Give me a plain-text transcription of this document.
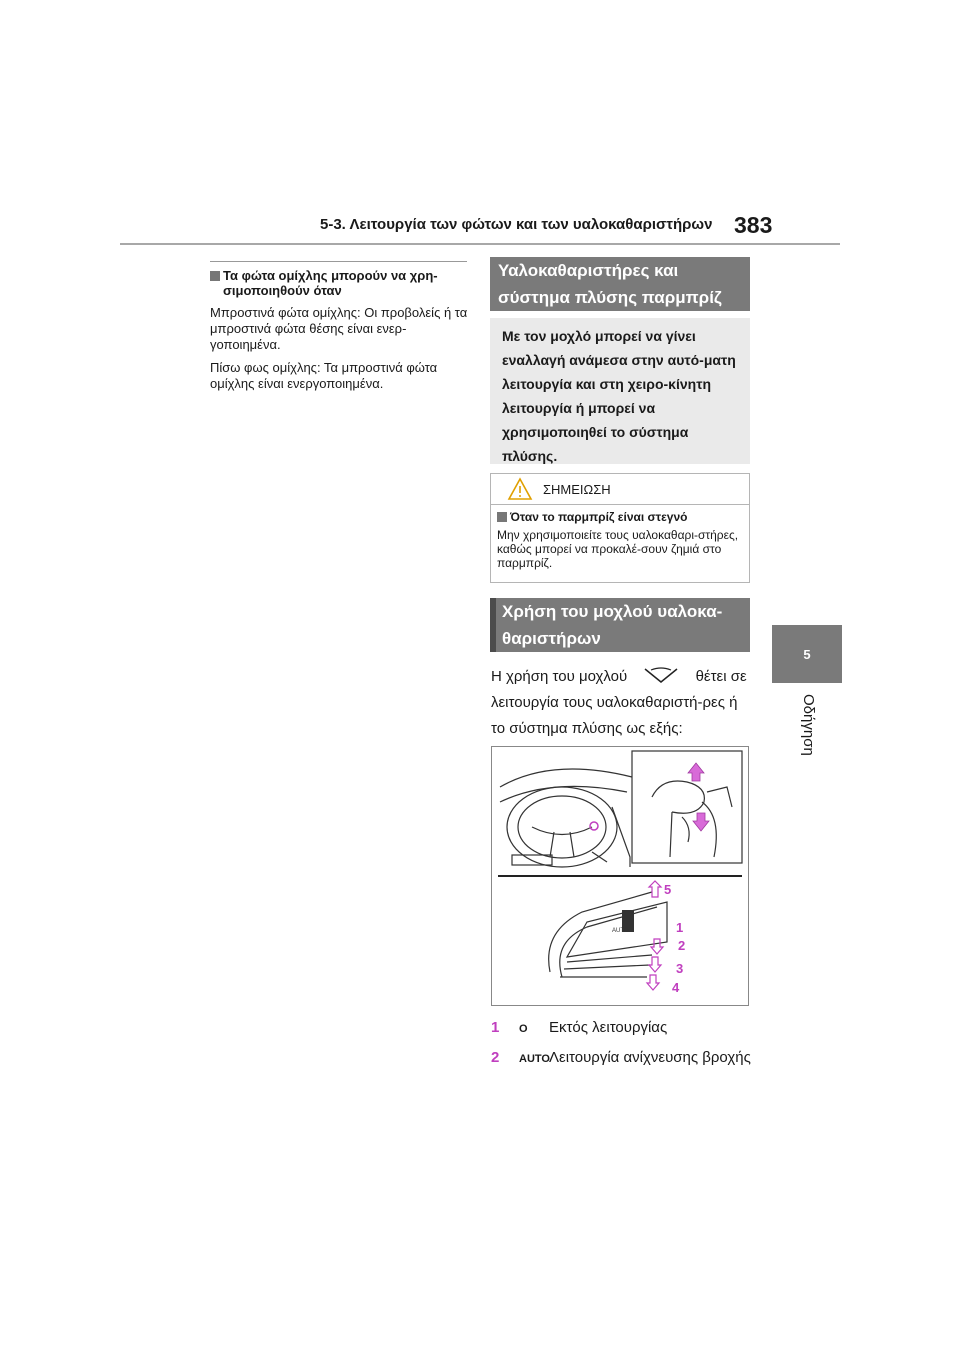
5-3. Λειτουργία των φώτων και των υαλοκαθαριστήρων 383
5
Οδήγηση
Τα φώτα ομίχλης μπορούν να χρη-
σιμοποιηθούν όταν
Μπροστινά φώτα ομίχλης: Οι προβολείς ή τα μπροστινά φώτα θέσης είναι ενερ-γοποιημένα.
Πίσω φως ομίχλης: Τα μπροστινά φώτα ομίχλης είναι ενεργοποιημένα.
Υαλοκαθαριστήρες και
σύστημα πλύσης παρμπρίζ
Με τον μοχλό μπορεί να γίνει εναλλαγή ανάμεσα στην αυτό-ματη λειτουργία και στη χειρο-κίνητη λειτουργία ή μπορεί να χρησιμοποιηθεί το σύστημα πλύσης.
ΣΗΜΕΙΩΣΗ
Όταν το παρμπρίζ είναι στεγνό
Μην χρησιμοποιείτε τους υαλοκαθαρι-στήρες, καθώς μπορεί να προκαλέ-σουν ζημιά στο παρμπρίζ.
Χρήση του μοχλού υαλοκα-
θαριστήρων
Η χρήση του μοχλού	θέτει σε λειτουργία τους υαλοκαθαριστή-ρες ή το σύστημα πλύσης ως εξής:
AUTO
5
1
2
3
4
1 O Εκτός λειτουργίας
2 AUTOΛειτουργία ανίχνευσης βροχής
